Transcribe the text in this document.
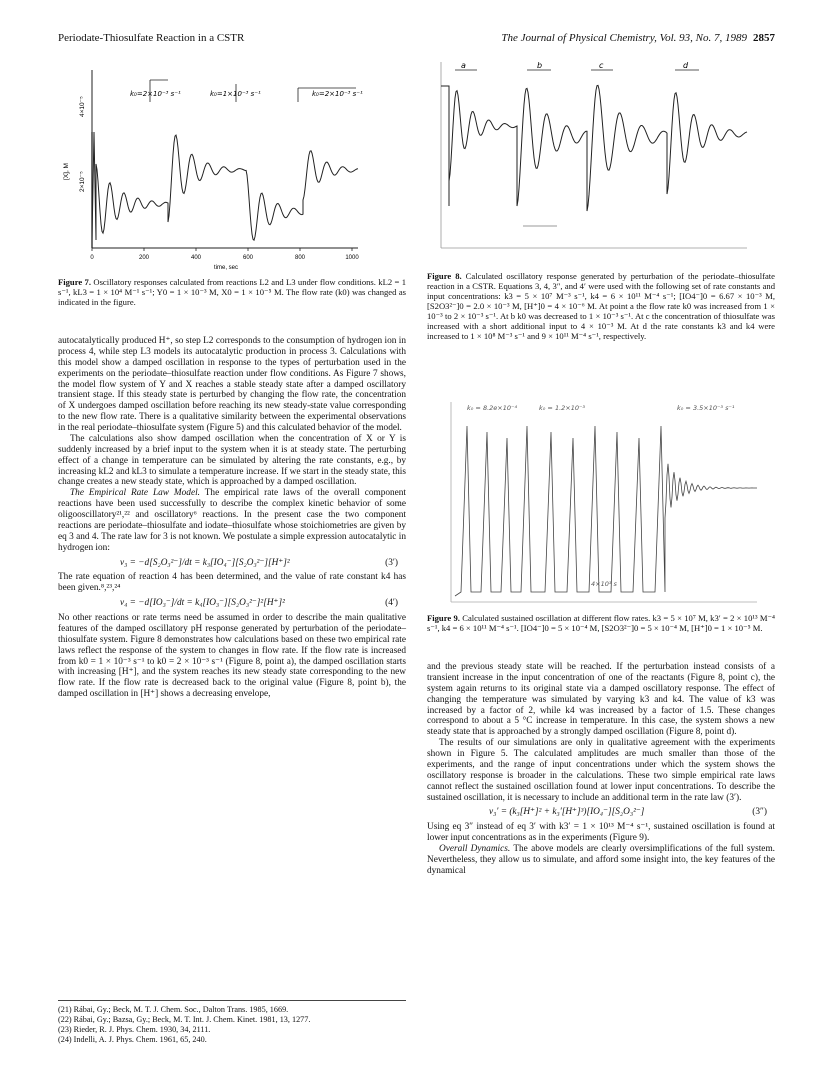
Periodate-Thiosulfate Reaction in a CSTR	The Journal of Physical Chemistry, Vol. 93, No. 7, 1989 2857
k₀=2×10⁻³ s⁻¹	k₀=1×10⁻³ s⁻¹	k₀=2×10⁻³ s⁻¹
[X], M
4×10⁻⁵
2×10⁻⁵
0	200	400	600	800	1000
time, sec
Figure 7. Oscillatory responses calculated from reactions L2 and L3 under flow conditions. kL2 = 1 s⁻¹, kL3 = 1 × 10⁴ M⁻¹ s⁻¹; Y0 = 1 × 10⁻³ M, X0 = 1 × 10⁻⁵ M. The flow rate (k0) was changed as indicated in the figure.

autocatalytically produced H⁺, so step L2 corresponds to the consumption of hydrogen ion in process 4, while step L3 models its autocatalytic production in process 3. Calculations with this model show a damped oscillation in response to the types of perturbation used in the experiments on the periodate–thiosulfate reaction under flow conditions. As Figure 7 shows, the model flow system of Y and X reaches a stable steady state after a damped oscillatory transient stage. If this steady state is perturbed by changing the flow rate, the concentration of X undergoes damped oscillation before reaching its new steady-state value corresponding to the new flow rate. There is a qualitative similarity between the experimental observations in the real periodate–thiosulfate system (Figure 5) and this calculated behavior of the model.

The calculations also show damped oscillation when the concentration of X or Y is suddenly increased by a brief input to the system when it is at steady state. The perturbing effect of a change in temperature can be simulated by altering the rate constants, e.g., by increasing kL2 and kL3 to simulate a temperature increase. If we start in the steady state, this change creates a new steady state, which is approached by a damped oscillation.

The Empirical Rate Law Model. The empirical rate laws of the overall component reactions have been used successfully to describe the complex kinetic behavior of some oligooscillatory²¹,²² and oscillatory⁶ reactions. In the present case the two component reactions are periodate–thiosulfate and iodate–thiosulfate whose stoichiometries are given by eq 3 and 4. The rate law for 3 is not known. We postulate a simple expression autocatalytic in hydrogen ion:

v₃ = −d[S₂O₃²⁻]/dt = k₃[IO₄⁻][S₂O₃²⁻][H⁺]²	(3′)

The rate equation of reaction 4 has been determined, and the value of rate constant k4 has been given.⁸,²³,²⁴

v₄ = −d[IO₃⁻]/dt = k₄[IO₃⁻][S₂O₃²⁻]²[H⁺]²	(4′)

No other reactions or rate terms need be assumed in order to describe the main qualitative features of the damped oscillatory pH response generated by perturbation of the periodate–thiosulfate system. Figure 8 demonstrates how calculations based on these two empirical rate laws reflect the response of the system to changes in flow rate. If the flow rate is increased from k0 = 1 × 10⁻³ s⁻¹ to k0 = 2 × 10⁻³ s⁻¹ (Figure 8, point a), the damped oscillation starts with increasing [H⁺], and the system reaches its new steady state corresponding to the new flow rate. If the flow rate is decreased back to the original value (Figure 8, point b), the damped oscillation in [H⁺] shows a decreasing envelope,

(21) Rábai, Gy.; Beck, M. T. J. Chem. Soc., Dalton Trans. 1985, 1669.
(22) Rábai, Gy.; Bazsa, Gy.; Beck, M. T. Int. J. Chem. Kinet. 1981, 13, 1277.
(23) Rieder, R. J. Phys. Chem. 1930, 34, 2111.
(24) Indelli, A. J. Phys. Chem. 1961, 65, 240.
a	b	c	d
Figure 8. Calculated oscillatory response generated by perturbation of the periodate–thiosulfate reaction in a CSTR. Equations 3, 4, 3″, and 4′ were used with the following set of rate constants and input concentrations: k3 = 5 × 10⁷ M⁻³ s⁻¹, k4 = 6 × 10¹¹ M⁻⁴ s⁻¹; [IO4⁻]0 = 6.67 × 10⁻³ M, [S2O3²⁻]0 = 2.0 × 10⁻³ M, [H⁺]0 = 4 × 10⁻⁶ M. At point a the flow rate k0 was increased from 1 × 10⁻³ to 2 × 10⁻³ s⁻¹. At b k0 was decreased to 1 × 10⁻³ s⁻¹. At c the concentration of thiosulfate was increased with a short additional input to 4 × 10⁻³ M. At d the rate constants k3 and k4 were increased to 1 × 10⁸ M⁻³ s⁻¹ and 9 × 10¹¹ M⁻⁴ s⁻¹, respectively.
k₀ = 8.2e×10⁻⁴	k₀ = 1.2×10⁻³	k₀ = 3.5×10⁻³ s⁻¹
4×10³ s
Figure 9. Calculated sustained oscillation at different flow rates. k3 = 5 × 10⁷ M, k3′ = 2 × 10¹³ M⁻⁴ s⁻¹, k4 = 6 × 10¹¹ M⁻⁴ s⁻¹. [IO4⁻]0 = 5 × 10⁻⁴ M, [S2O3²⁻]0 = 5 × 10⁻⁴ M, [H⁺]0 = 1 × 10⁻⁵ M.

and the previous steady state will be reached. If the perturbation instead consists of a transient increase in the input concentration of one of the reactants (Figure 8, point c), the system again returns to its original state via a damped oscillatory response. The effect of changing the temperature was simulated by varying k3 and k4. The value of k3 was increased by a factor of 2, while k4 was increased by a factor of 1.5. These changes correspond to about a 5 °C increase in temperature. In this case, the system shows a new steady state that is approached by a strongly damped oscillation (Figure 8, point d).

The results of our simulations are only in qualitative agreement with the experiments shown in Figure 5. The calculated amplitudes are much smaller than those of the experiments, and the range of input concentrations under which the system shows the oscillatory response is broader in the calculations. These two simple empirical rate laws cannot reflect the sustained oscillation found at lower input concentrations. To describe the sustained oscillation, it is necessary to include an additional term in the rate law (3′).

v₃′ = (k₃[H⁺]² + k₃′[H⁺]³)[IO₄⁻][S₂O₃²⁻]	(3″)

Using eq 3″ instead of eq 3′ with k3′ = 1 × 10¹³ M⁻⁴ s⁻¹, sustained oscillation is found at lower input concentrations as in the experiments (Figure 9).

Overall Dynamics. The above models are clearly oversimplifications of the full system. Nevertheless, they allow us to simulate, and afford some insight into, the key features of the dynamical
